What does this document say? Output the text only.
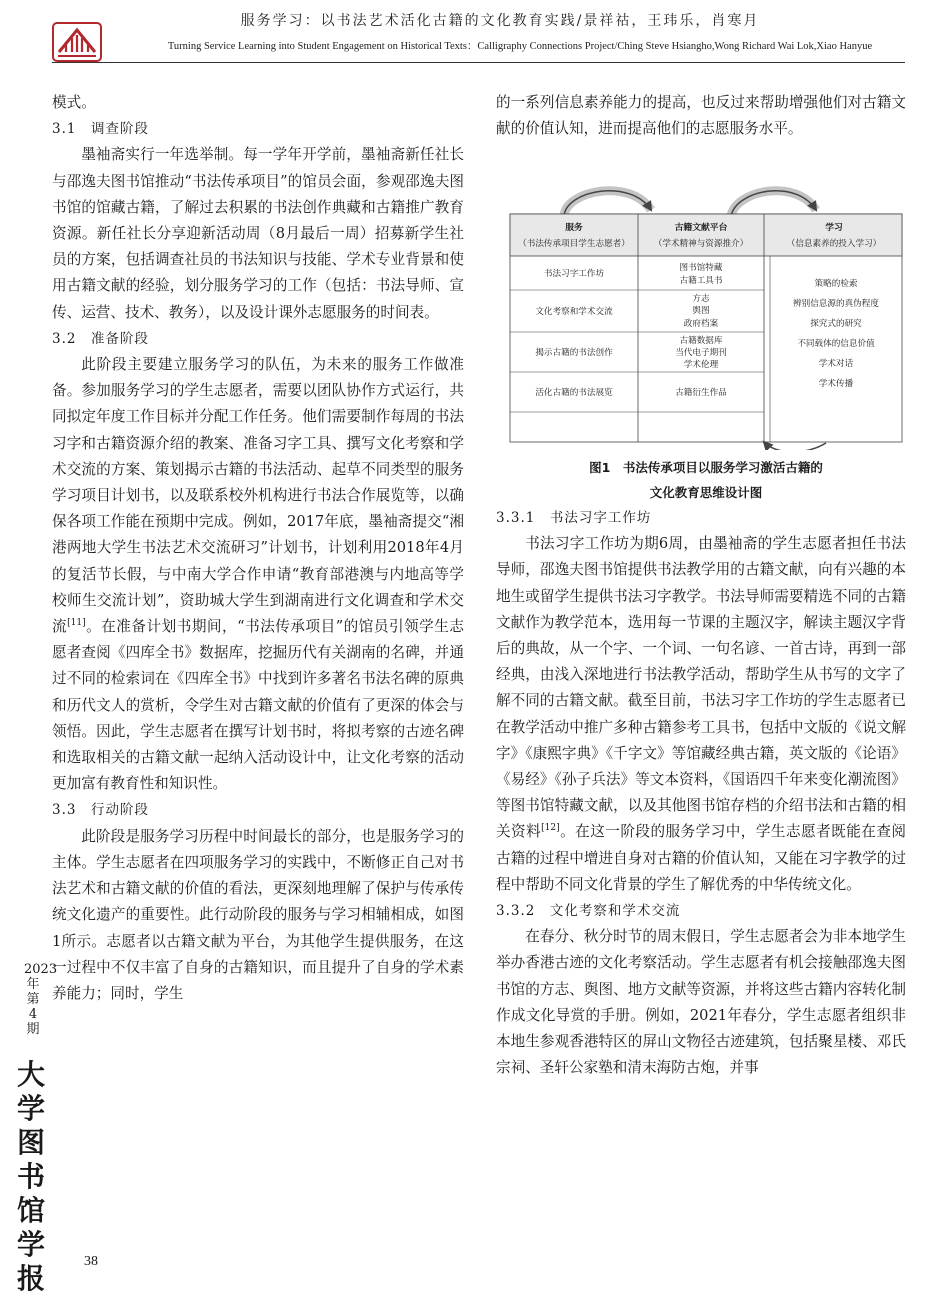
服务学习：以书法艺术活化古籍的文化教育实践/景祥祜，王玮乐，肖寒月
Turning Service Learning into Student Engagement on Historical Texts：Calligraphy Connections Project/Ching Steve Hsiangho,Wong Richard Wai Lok,Xiao Hanyue

模式。

3.1　调查阶段

墨袖斋实行一年选举制。每一学年开学前，墨袖斋新任社长与邵逸夫图书馆推动“书法传承项目”的馆员会面，参观邵逸夫图书馆的馆藏古籍，了解过去积累的书法创作典藏和古籍推广教育资源。新任社长分享迎新活动周（8月最后一周）招募新学生社员的方案，包括调查社员的书法知识与技能、学术专业背景和使用古籍文献的经验，划分服务学习的工作（包括：书法导师、宣传、运营、技术、教务），以及设计课外志愿服务的时间表。

3.2　准备阶段

此阶段主要建立服务学习的队伍，为未来的服务工作做准备。参加服务学习的学生志愿者，需要以团队协作方式运行，共同拟定年度工作目标并分配工作任务。他们需要制作每周的书法习字和古籍资源介绍的教案、准备习字工具、撰写文化考察和学术交流的方案、策划揭示古籍的书法活动、起草不同类型的服务学习项目计划书，以及联系校外机构进行书法合作展览等，以确保各项工作能在预期中完成。例如，2017年底，墨袖斋提交“湘港两地大学生书法艺术交流研习”计划书，计划利用2018年4月的复活节长假，与中南大学合作申请“教育部港澳与内地高等学校师生交流计划”，资助城大学生到湖南进行文化调查和学术交流[11]。在准备计划书期间，“书法传承项目”的馆员引领学生志愿者查阅《四库全书》数据库，挖掘历代有关湖南的名碑，并通过不同的检索词在《四库全书》中找到许多著名书法名碑的原典和历代文人的赏析，令学生对古籍文献的价值有了更深的体会与领悟。因此，学生志愿者在撰写计划书时，将拟考察的古迹名碑和选取相关的古籍文献一起纳入活动设计中，让文化考察的活动更加富有教育性和知识性。

3.3　行动阶段

此阶段是服务学习历程中时间最长的部分，也是服务学习的主体。学生志愿者在四项服务学习的实践中，不断修正自己对书法艺术和古籍文献的价值的看法，更深刻地理解了保护与传承传统文化遗产的重要性。此行动阶段的服务与学习相辅相成，如图1所示。志愿者以古籍文献为平台，为其他学生提供服务，在这一过程中不仅丰富了自身的古籍知识，而且提升了自身的学术素养能力；同时，学生

的一系列信息素养能力的提高，也反过来帮助增强他们对古籍文献的价值认知，进而提高他们的志愿服务水平。

服务
（书法传承项目学生志愿者）
古籍文献平台
（学术精神与资源推介）
学习
（信息素养的投入学习）
书法习字工作坊
文化考察和学术交流
揭示古籍的书法创作
活化古籍的书法展览
图书馆特藏
古籍工具书
方志
舆图
政府档案
古籍数据库
当代电子期刊
学术伦理
古籍衍生作品
策略的检索
辨别信息源的真伪程度
探究式的研究
不同载体的信息价值
学术对话
学术传播
图1　书法传承项目以服务学习激活古籍的
文化教育思维设计图

3.3.1　书法习字工作坊

书法习字工作坊为期6周，由墨袖斋的学生志愿者担任书法导师，邵逸夫图书馆提供书法教学用的古籍文献，向有兴趣的本地生或留学生提供书法习字教学。书法导师需要精选不同的古籍文献作为教学范本，选用每一节课的主题汉字，解读主题汉字背后的典故，从一个字、一个词、一句名谚、一首古诗，再到一部经典，由浅入深地进行书法教学活动，帮助学生从书写的文字了解不同的古籍文献。截至目前，书法习字工作坊的学生志愿者已在教学活动中推广多种古籍参考工具书，包括中文版的《说文解字》《康熙字典》《千字文》等馆藏经典古籍，英文版的《论语》《易经》《孙子兵法》等文本资料，《国语四千年来变化潮流图》等图书馆特藏文献，以及其他图书馆存档的介绍书法和古籍的相关资料[12]。在这一阶段的服务学习中，学生志愿者既能在查阅古籍的过程中增进自身对古籍的价值认知，又能在习字教学的过程中帮助不同文化背景的学生了解优秀的中华传统文化。

3.3.2　文化考察和学术交流

在春分、秋分时节的周末假日，学生志愿者会为非本地学生举办香港古迹的文化考察活动。学生志愿者有机会接触邵逸夫图书馆的方志、舆图、地方文献等资源，并将这些古籍内容转化制作成文化导赏的手册。例如，2021年春分，学生志愿者组织非本地生参观香港特区的屏山文物径古迹建筑，包括聚星楼、邓氏宗祠、圣轩公家塾和清末海防古炮，并事

2023年第4期
大学图书馆学报
38
